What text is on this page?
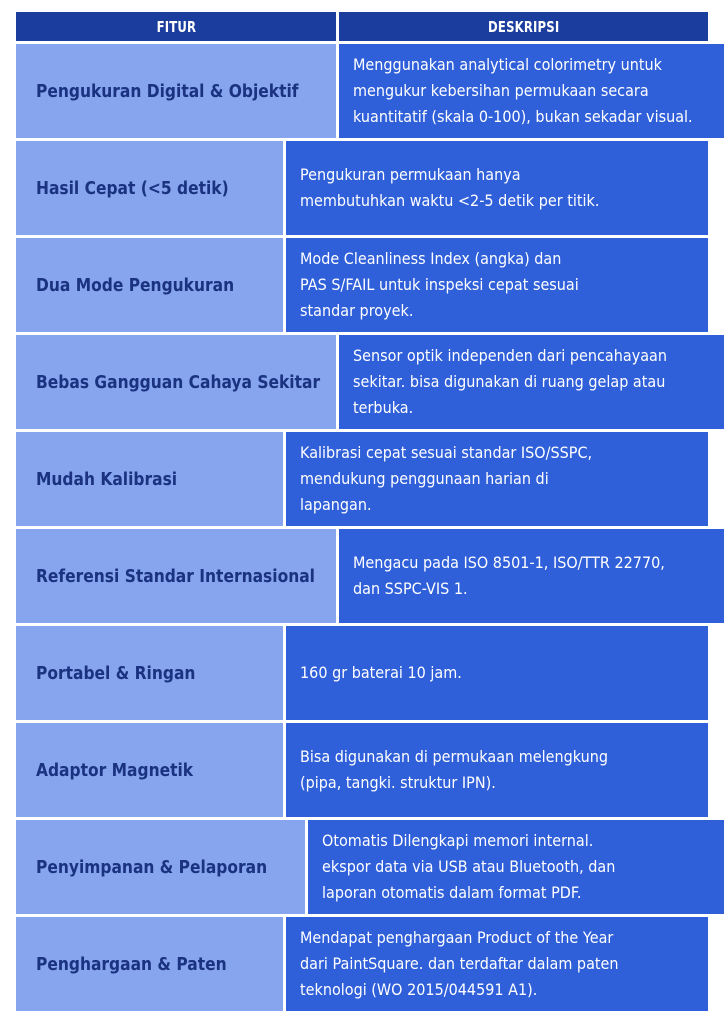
FITUR	DESKRIPSI
Pengukuran Digital & Objektif
Menggunakan analytical colorimetry untuk
mengukur kebersihan permukaan secara
kuantitatif (skala 0-100), bukan sekadar visual.
Hasil Cepat (<5 detik)
Pengukuran permukaan hanya
membutuhkan waktu <2-5 detik per titik.
Dua Mode Pengukuran
Mode Cleanliness Index (angka) dan
PAS S/FAIL untuk inspeksi cepat sesuai
standar proyek.
Bebas Gangguan Cahaya Sekitar
Sensor optik independen dari pencahayaan
sekitar. bisa digunakan di ruang gelap atau
terbuka.
Mudah Kalibrasi
Kalibrasi cepat sesuai standar ISO/SSPC,
mendukung penggunaan harian di
lapangan.
Referensi Standar Internasional
Mengacu pada ISO 8501-1, ISO/TTR 22770,
dan SSPC-VIS 1.
Portabel & Ringan	160 gr baterai 10 jam.
Adaptor Magnetik
Bisa digunakan di permukaan melengkung
(pipa, tangki. struktur IPN).
Penyimpanan & Pelaporan
Otomatis Dilengkapi memori internal.
ekspor data via USB atau Bluetooth, dan
laporan otomatis dalam format PDF.
Penghargaan & Paten
Mendapat penghargaan Product of the Year
dari PaintSquare. dan terdaftar dalam paten
teknologi (WO 2015/044591 A1).
